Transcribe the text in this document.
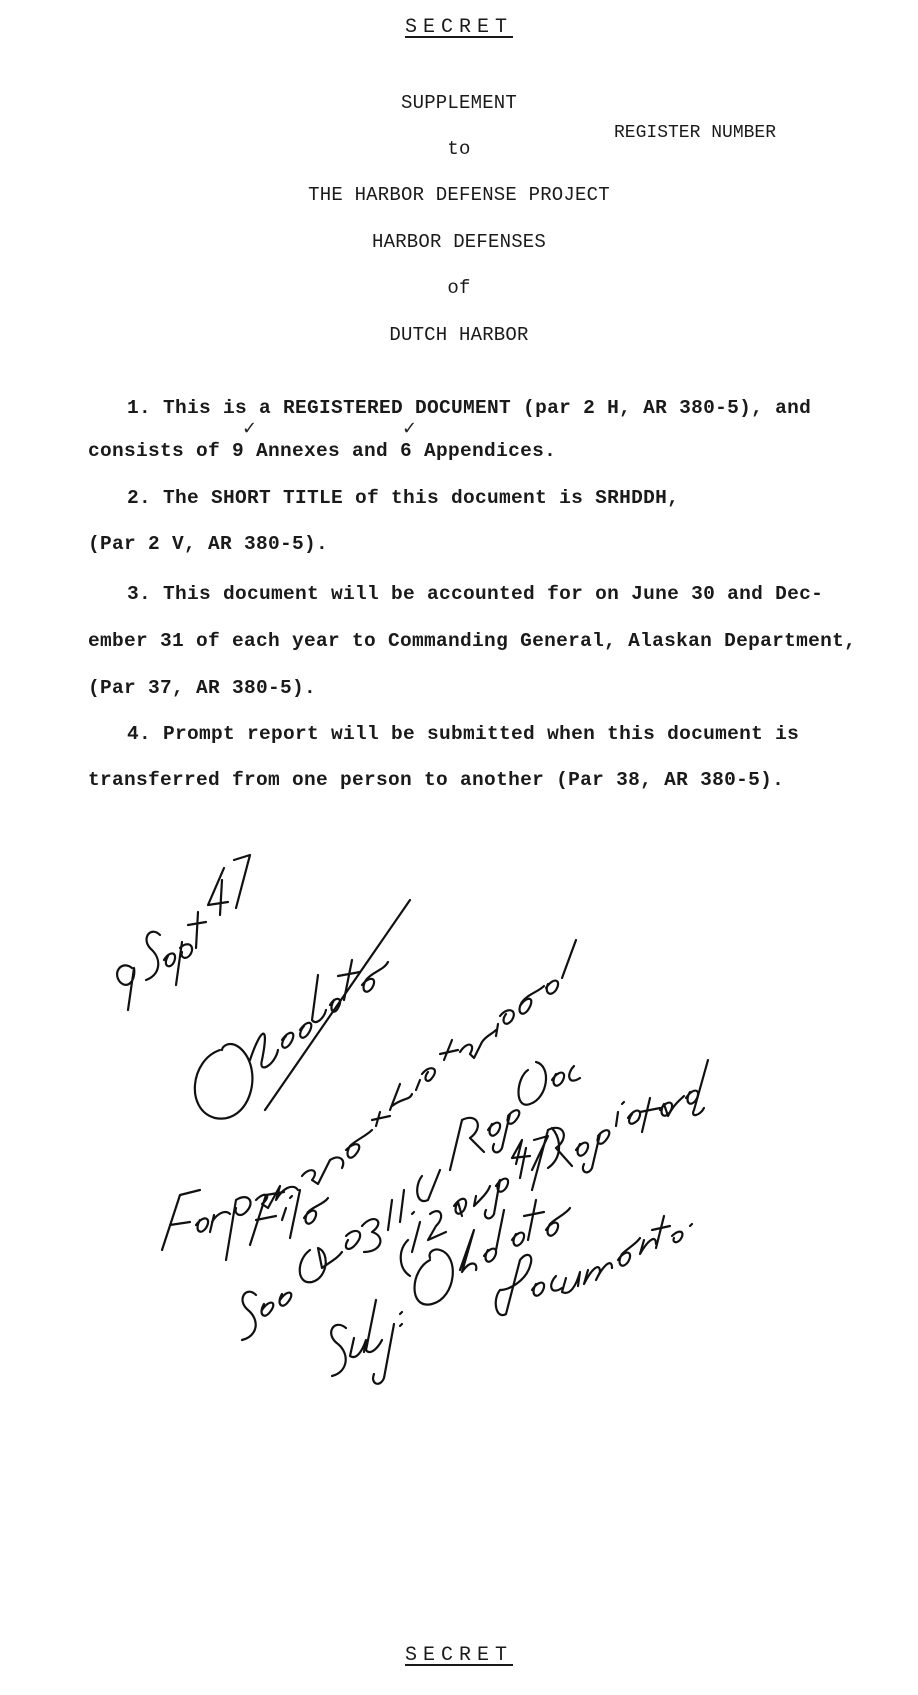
SECRET
SUPPLEMENT
REGISTER NUMBER
to
THE HARBOR DEFENSE PROJECT
HARBOR DEFENSES
of
DUTCH HARBOR
1. This is a REGISTERED DOCUMENT (par 2 H, AR 380-5), and
✓	✓
consists of 9 Annexes and 6 Appendices.
2. The SHORT TITLE of this document is SRHDDH,
(Par 2 V, AR 380-5).
3. This document will be accounted for on June 30 and Dec-
ember 31 of each year to Commanding General, Alaskan Department,
(Par 37, AR 380-5).
4. Prompt report will be submitted when this document is
transferred from one person to another (Par 38, AR 380-5).
SECRET
